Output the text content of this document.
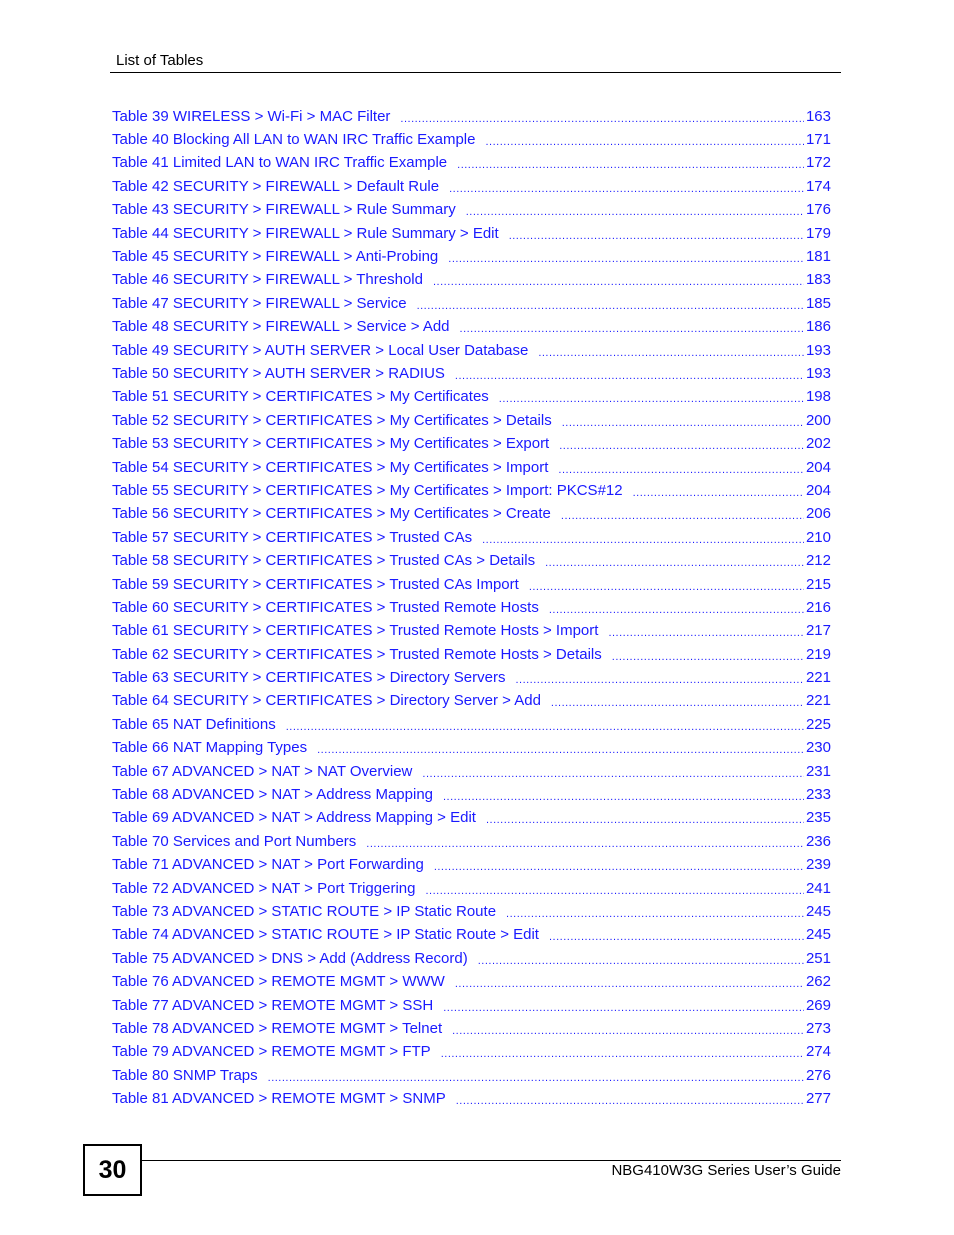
List of Tables
Table 39 WIRELESS > Wi-Fi > MAC Filter .....	163
Table 40 Blocking All LAN to WAN IRC Traffic Example .....	171
Table 41 Limited LAN to WAN IRC Traffic Example .....	172
Table 42 SECURITY > FIREWALL > Default Rule .....	174
Table 43 SECURITY > FIREWALL > Rule Summary .....	176
Table 44 SECURITY > FIREWALL > Rule Summary > Edit .....	179
Table 45 SECURITY > FIREWALL > Anti-Probing .....	181
Table 46 SECURITY > FIREWALL > Threshold .....	183
Table 47 SECURITY > FIREWALL > Service .....	185
Table 48 SECURITY > FIREWALL > Service > Add .....	186
Table 49 SECURITY > AUTH SERVER > Local User Database .....	193
Table 50 SECURITY > AUTH SERVER > RADIUS .....	193
Table 51 SECURITY > CERTIFICATES > My Certificates .....	198
Table 52 SECURITY > CERTIFICATES > My Certificates > Details .....	200
Table 53 SECURITY > CERTIFICATES > My Certificates > Export .....	202
Table 54 SECURITY > CERTIFICATES > My Certificates > Import .....	204
Table 55 SECURITY > CERTIFICATES > My Certificates > Import: PKCS#12 .....	204
Table 56 SECURITY > CERTIFICATES > My Certificates > Create .....	206
Table 57 SECURITY > CERTIFICATES > Trusted CAs .....	210
Table 58 SECURITY > CERTIFICATES > Trusted CAs > Details .....	212
Table 59 SECURITY > CERTIFICATES > Trusted CAs Import .....	215
Table 60 SECURITY > CERTIFICATES > Trusted Remote Hosts .....	216
Table 61 SECURITY > CERTIFICATES > Trusted Remote Hosts > Import .....	217
Table 62 SECURITY > CERTIFICATES > Trusted Remote Hosts > Details .....	219
Table 63 SECURITY > CERTIFICATES > Directory Servers .....	221
Table 64 SECURITY > CERTIFICATES > Directory Server > Add .....	221
Table 65 NAT Definitions .....	225
Table 66 NAT Mapping Types .....	230
Table 67 ADVANCED > NAT > NAT Overview .....	231
Table 68 ADVANCED > NAT > Address Mapping .....	233
Table 69 ADVANCED > NAT > Address Mapping > Edit .....	235
Table 70 Services and Port Numbers .....	236
Table 71 ADVANCED > NAT > Port Forwarding .....	239
Table 72 ADVANCED > NAT > Port Triggering .....	241
Table 73 ADVANCED > STATIC ROUTE > IP Static Route .....	245
Table 74 ADVANCED > STATIC ROUTE > IP Static Route > Edit .....	245
Table 75 ADVANCED > DNS > Add (Address Record) .....	251
Table 76 ADVANCED > REMOTE MGMT > WWW .....	262
Table 77 ADVANCED > REMOTE MGMT > SSH .....	269
Table 78 ADVANCED > REMOTE MGMT > Telnet .....	273
Table 79 ADVANCED > REMOTE MGMT > FTP .....	274
Table 80 SNMP Traps .....	276
Table 81 ADVANCED > REMOTE MGMT > SNMP .....	277
30	NBG410W3G Series User’s Guide
